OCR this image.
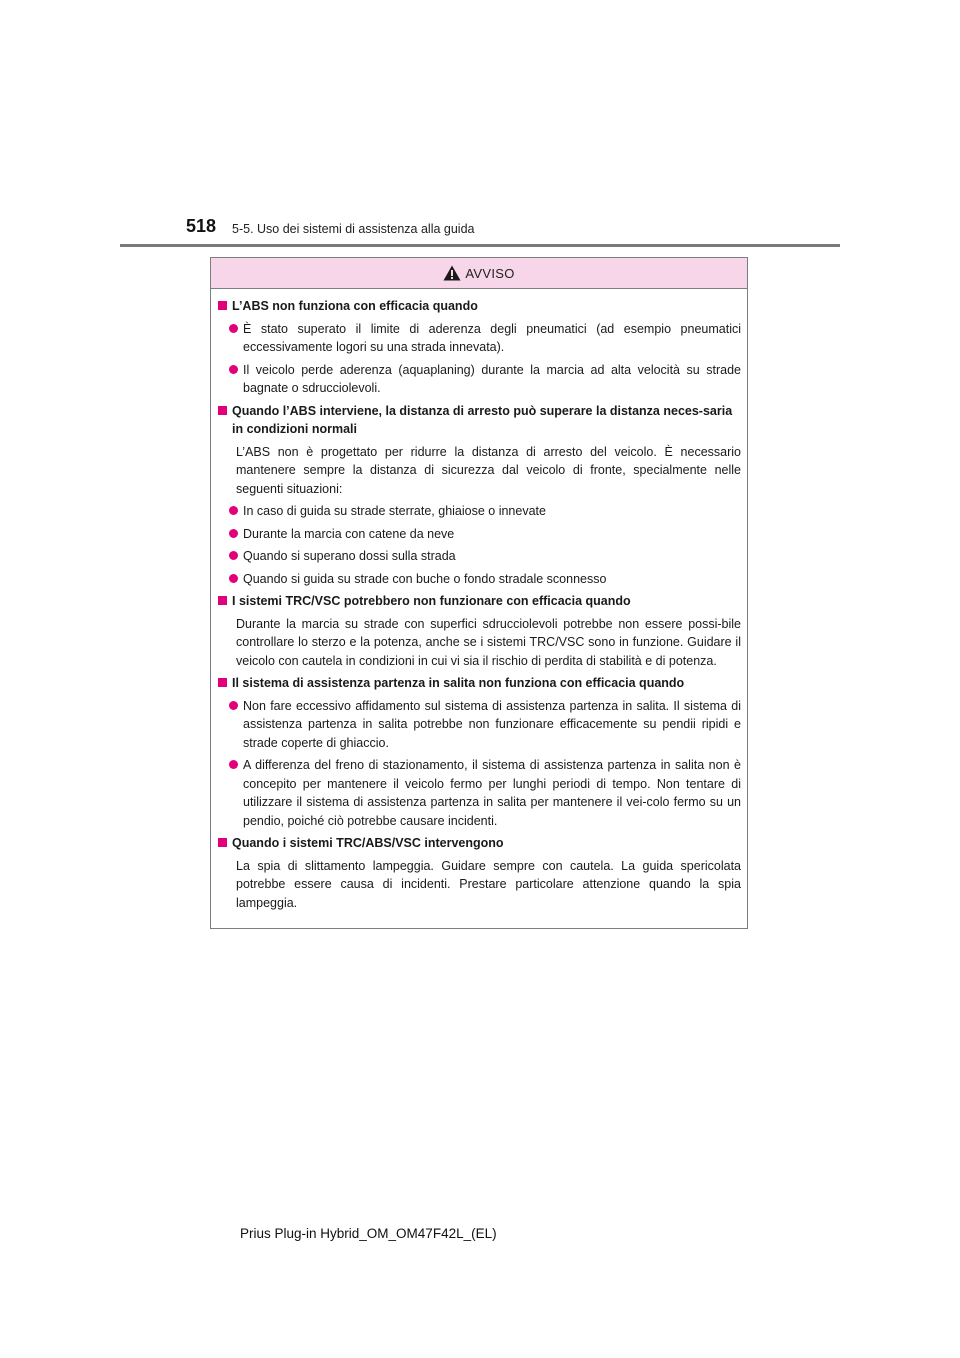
518 5-5. Uso dei sistemi di assistenza alla guida
AVVISO
L’ABS non funziona con efficacia quando
È stato superato il limite di aderenza degli pneumatici (ad esempio pneumatici eccessivamente logori su una strada innevata).
Il veicolo perde aderenza (aquaplaning) durante la marcia ad alta velocità su strade bagnate o sdrucciolevoli.
Quando l’ABS interviene, la distanza di arresto può superare la distanza neces-saria in condizioni normali
L’ABS non è progettato per ridurre la distanza di arresto del veicolo. È necessario mantenere sempre la distanza di sicurezza dal veicolo di fronte, specialmente nelle seguenti situazioni:
In caso di guida su strade sterrate, ghiaiose o innevate
Durante la marcia con catene da neve
Quando si superano dossi sulla strada
Quando si guida su strade con buche o fondo stradale sconnesso
I sistemi TRC/VSC potrebbero non funzionare con efficacia quando
Durante la marcia su strade con superfici sdrucciolevoli potrebbe non essere possi-bile controllare lo sterzo e la potenza, anche se i sistemi TRC/VSC sono in funzione. Guidare il veicolo con cautela in condizioni in cui vi sia il rischio di perdita di stabilità e di potenza.
Il sistema di assistenza partenza in salita non funziona con efficacia quando
Non fare eccessivo affidamento sul sistema di assistenza partenza in salita. Il sistema di assistenza partenza in salita potrebbe non funzionare efficacemente su pendii ripidi e strade coperte di ghiaccio.
A differenza del freno di stazionamento, il sistema di assistenza partenza in salita non è concepito per mantenere il veicolo fermo per lunghi periodi di tempo. Non tentare di utilizzare il sistema di assistenza partenza in salita per mantenere il vei-colo fermo su un pendio, poiché ciò potrebbe causare incidenti.
Quando i sistemi TRC/ABS/VSC intervengono
La spia di slittamento lampeggia. Guidare sempre con cautela. La guida spericolata potrebbe essere causa di incidenti. Prestare particolare attenzione quando la spia lampeggia.
Prius Plug-in Hybrid_OM_OM47F42L_(EL)
